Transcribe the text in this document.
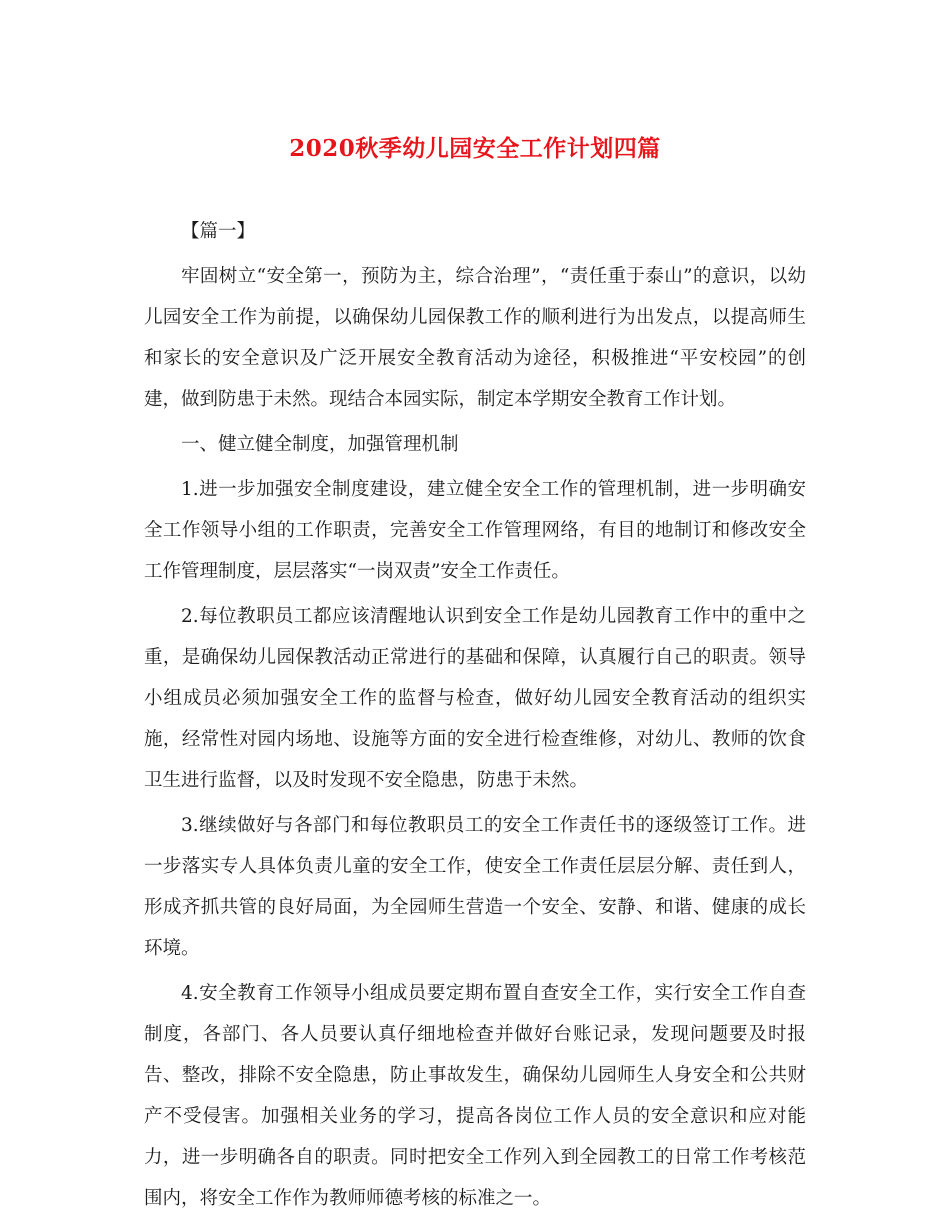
2020秋季幼儿园安全工作计划四篇

【篇一】

牢固树立“安全第一，预防为主，综合治理”，“责任重于泰山”的意识，以幼儿园安全工作为前提，以确保幼儿园保教工作的顺利进行为出发点，以提高师生和家长的安全意识及广泛开展安全教育活动为途径，积极推进“平安校园”的创建，做到防患于未然。现结合本园实际，制定本学期安全教育工作计划。

一、健立健全制度，加强管理机制

1.进一步加强安全制度建设，建立健全安全工作的管理机制，进一步明确安全工作领导小组的工作职责，完善安全工作管理网络，有目的地制订和修改安全工作管理制度，层层落实“一岗双责”安全工作责任。

2.每位教职员工都应该清醒地认识到安全工作是幼儿园教育工作中的重中之重，是确保幼儿园保教活动正常进行的基础和保障，认真履行自己的职责。领导小组成员必须加强安全工作的监督与检查，做好幼儿园安全教育活动的组织实施，经常性对园内场地、设施等方面的安全进行检查维修，对幼儿、教师的饮食卫生进行监督，以及时发现不安全隐患，防患于未然。

3.继续做好与各部门和每位教职员工的安全工作责任书的逐级签订工作。进一步落实专人具体负责儿童的安全工作，使安全工作责任层层分解、责任到人，形成齐抓共管的良好局面，为全园师生营造一个安全、安静、和谐、健康的成长环境。

4.安全教育工作领导小组成员要定期布置自查安全工作，实行安全工作自查制度，各部门、各人员要认真仔细地检查并做好台账记录，发现问题要及时报告、整改，排除不安全隐患，防止事故发生，确保幼儿园师生人身安全和公共财产不受侵害。加强相关业务的学习，提高各岗位工作人员的安全意识和应对能力，进一步明确各自的职责。同时把安全工作列入到全园教工的日常工作考核范围内，将安全工作作为教师师德考核的标准之一。
